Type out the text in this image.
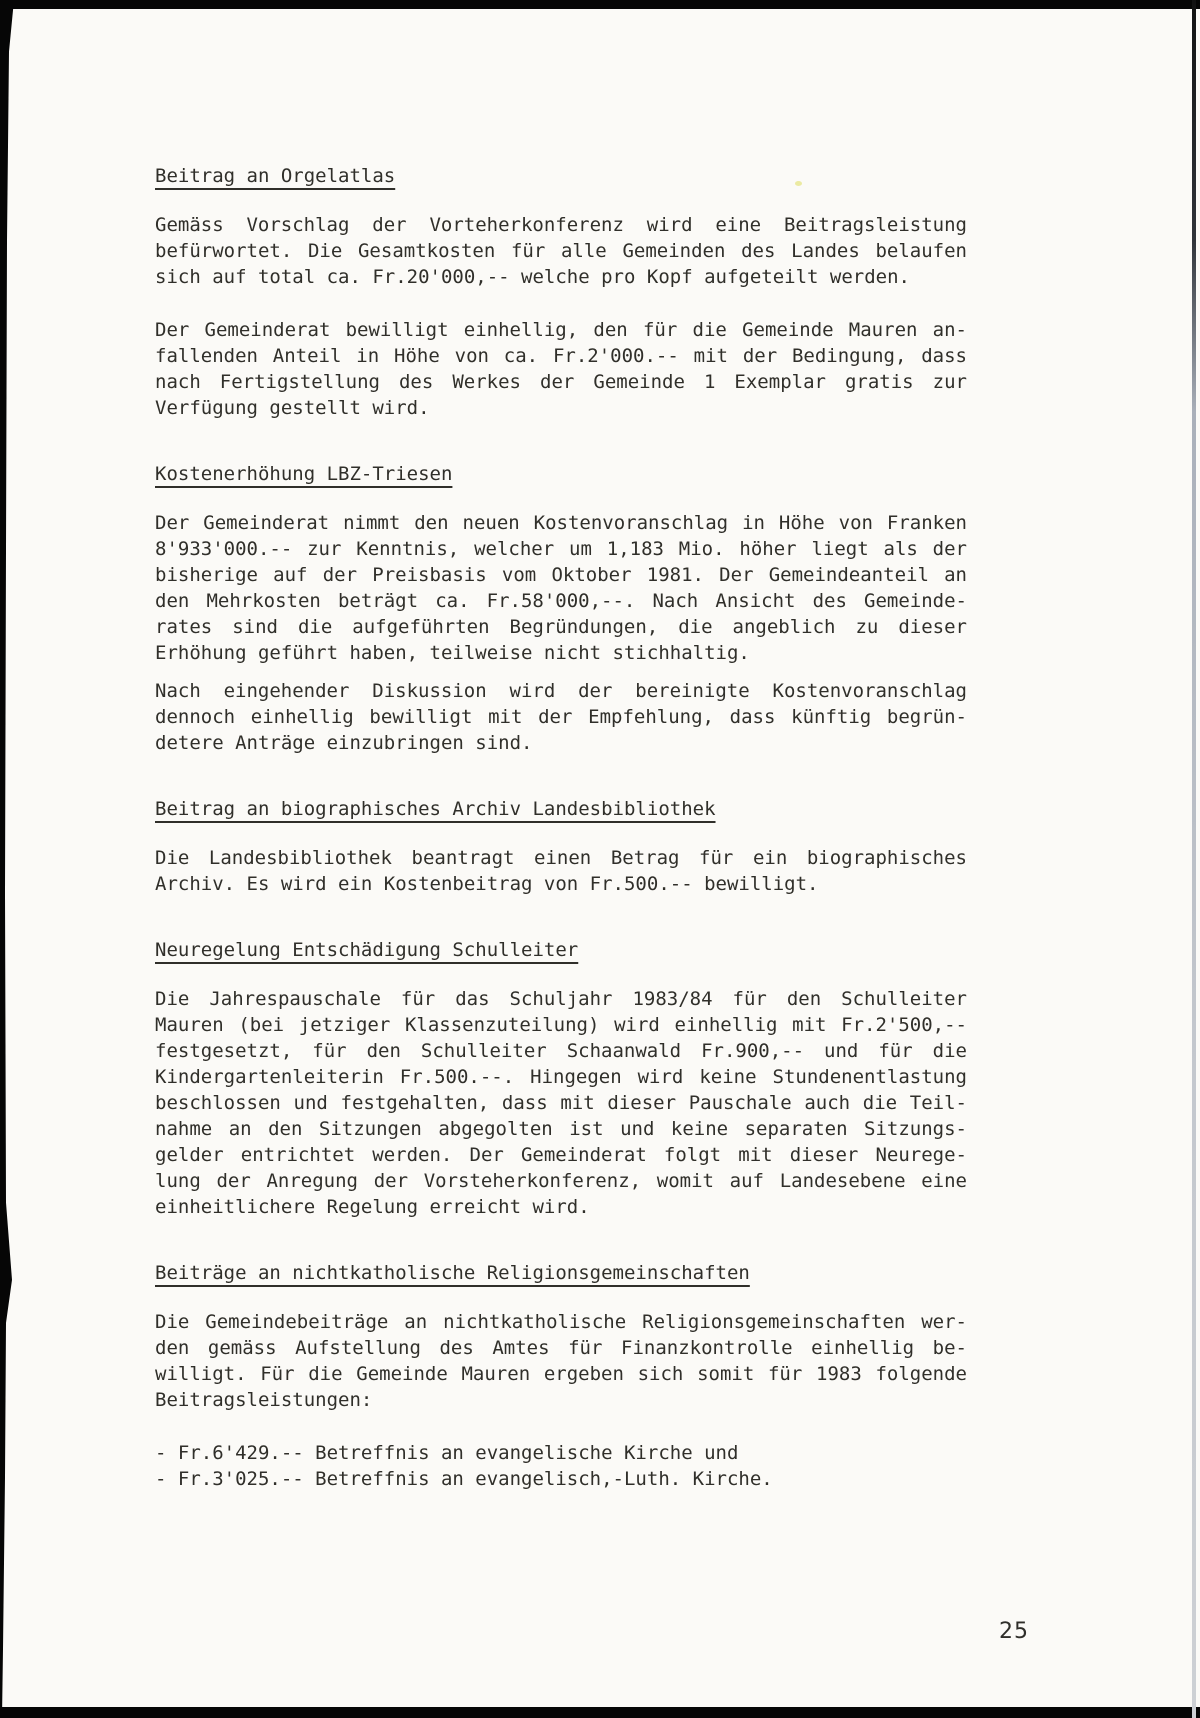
Beitrag an Orgelatlas
Gemäss Vorschlag der Vorteherkonferenz wird eine Beitragsleistung
befürwortet. Die Gesamtkosten für alle Gemeinden des Landes belaufen
sich auf total ca. Fr.20'000,-- welche pro Kopf aufgeteilt werden.
Der Gemeinderat bewilligt einhellig, den für die Gemeinde Mauren an-
fallenden Anteil in Höhe von ca. Fr.2'000.-- mit der Bedingung, dass
nach Fertigstellung des Werkes der Gemeinde 1 Exemplar gratis zur
Verfügung gestellt wird.
Kostenerhöhung LBZ-Triesen
Der Gemeinderat nimmt den neuen Kostenvoranschlag in Höhe von Franken
8'933'000.-- zur Kenntnis, welcher um 1,183 Mio. höher liegt als der
bisherige auf der Preisbasis vom Oktober 1981. Der Gemeindeanteil an
den Mehrkosten beträgt ca. Fr.58'000,--. Nach Ansicht des Gemeinde-
rates sind die aufgeführten Begründungen, die angeblich zu dieser
Erhöhung geführt haben, teilweise nicht stichhaltig.
Nach eingehender Diskussion wird der bereinigte Kostenvoranschlag
dennoch einhellig bewilligt mit der Empfehlung, dass künftig begrün-
detere Anträge einzubringen sind.
Beitrag an biographisches Archiv Landesbibliothek
Die Landesbibliothek beantragt einen Betrag für ein biographisches
Archiv. Es wird ein Kostenbeitrag von Fr.500.-- bewilligt.
Neuregelung Entschädigung Schulleiter
Die Jahrespauschale für das Schuljahr 1983/84 für den Schulleiter
Mauren (bei jetziger Klassenzuteilung) wird einhellig mit Fr.2'500,--
festgesetzt, für den Schulleiter Schaanwald Fr.900,-- und für die
Kindergartenleiterin Fr.500.--. Hingegen wird keine Stundenentlastung
beschlossen und festgehalten, dass mit dieser Pauschale auch die Teil-
nahme an den Sitzungen abgegolten ist und keine separaten Sitzungs-
gelder entrichtet werden. Der Gemeinderat folgt mit dieser Neurege-
lung der Anregung der Vorsteherkonferenz, womit auf Landesebene eine
einheitlichere Regelung erreicht wird.
Beiträge an nichtkatholische Religionsgemeinschaften
Die Gemeindebeiträge an nichtkatholische Religionsgemeinschaften wer-
den gemäss Aufstellung des Amtes für Finanzkontrolle einhellig be-
willigt. Für die Gemeinde Mauren ergeben sich somit für 1983 folgende
Beitragsleistungen:
- Fr.6'429.-- Betreffnis an evangelische Kirche und
- Fr.3'025.-- Betreffnis an evangelisch,-Luth. Kirche.
25
